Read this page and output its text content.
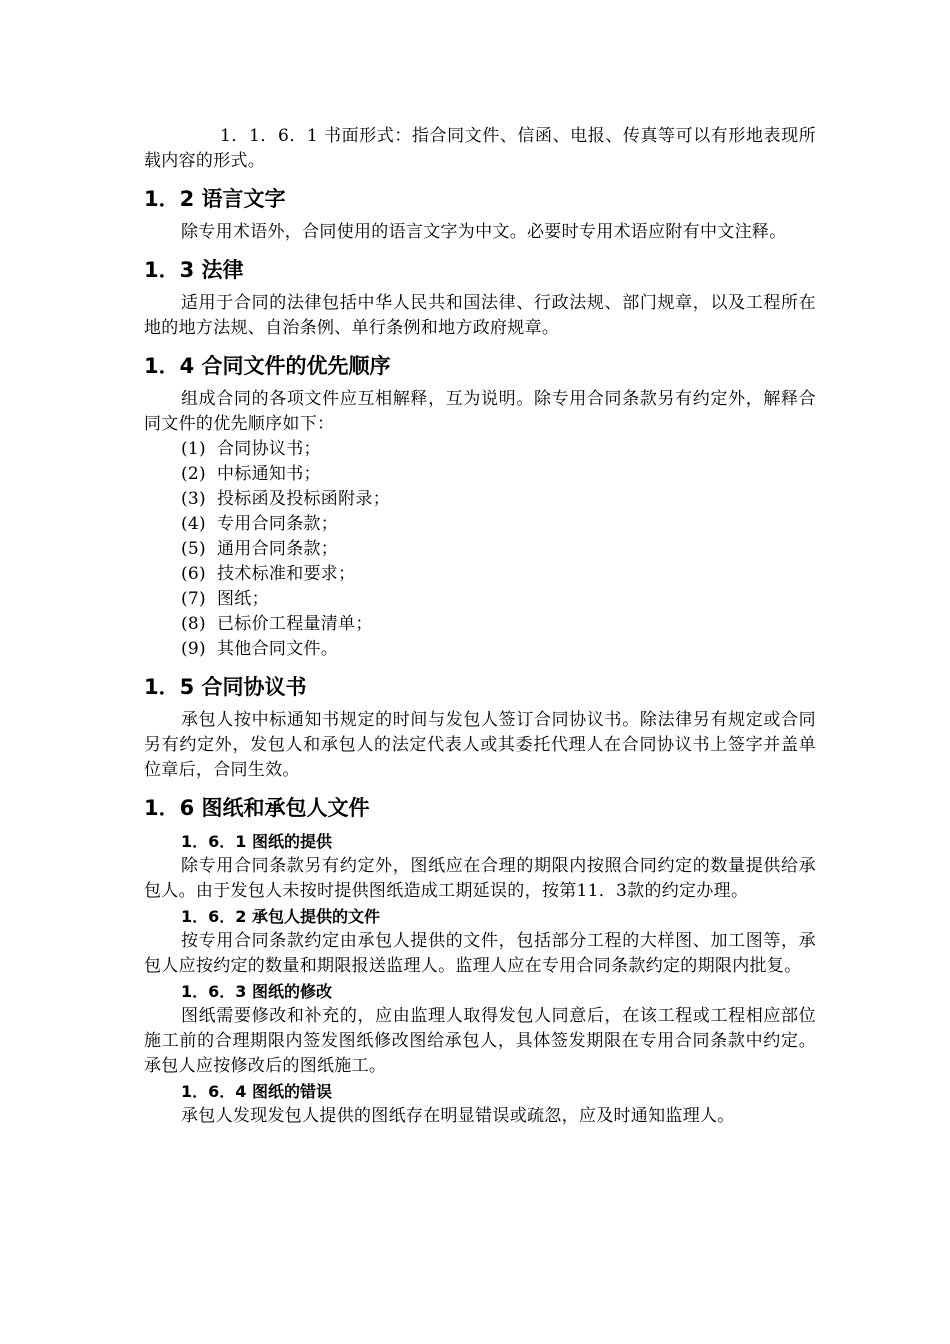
1．1．6．1 书面形式：指合同文件、信函、电报、传真等可以有形地表现所载内容的形式。

1．2 语言文字

除专用术语外，合同使用的语言文字为中文。必要时专用术语应附有中文注释。

1．3 法律

适用于合同的法律包括中华人民共和国法律、行政法规、部门规章，以及工程所在地的地方法规、自治条例、单行条例和地方政府规章。

1．4 合同文件的优先顺序

组成合同的各项文件应互相解释，互为说明。除专用合同条款另有约定外，解释合同文件的优先顺序如下：

(1) 合同协议书；
(2) 中标通知书；
(3) 投标函及投标函附录；
(4) 专用合同条款；
(5) 通用合同条款；
(6) 技术标准和要求；
(7) 图纸；
(8) 已标价工程量清单；
(9) 其他合同文件。
1．5 合同协议书

承包人按中标通知书规定的时间与发包人签订合同协议书。除法律另有规定或合同另有约定外，发包人和承包人的法定代表人或其委托代理人在合同协议书上签字并盖单位章后，合同生效。

1．6 图纸和承包人文件
1．6．1 图纸的提供

除专用合同条款另有约定外，图纸应在合理的期限内按照合同约定的数量提供给承包人。由于发包人未按时提供图纸造成工期延误的，按第11．3款的约定办理。

1．6．2 承包人提供的文件

按专用合同条款约定由承包人提供的文件，包括部分工程的大样图、加工图等，承包人应按约定的数量和期限报送监理人。监理人应在专用合同条款约定的期限内批复。

1．6．3 图纸的修改

图纸需要修改和补充的，应由监理人取得发包人同意后，在该工程或工程相应部位施工前的合理期限内签发图纸修改图给承包人，具体签发期限在专用合同条款中约定。承包人应按修改后的图纸施工。

1．6．4 图纸的错误

承包人发现发包人提供的图纸存在明显错误或疏忽，应及时通知监理人。
